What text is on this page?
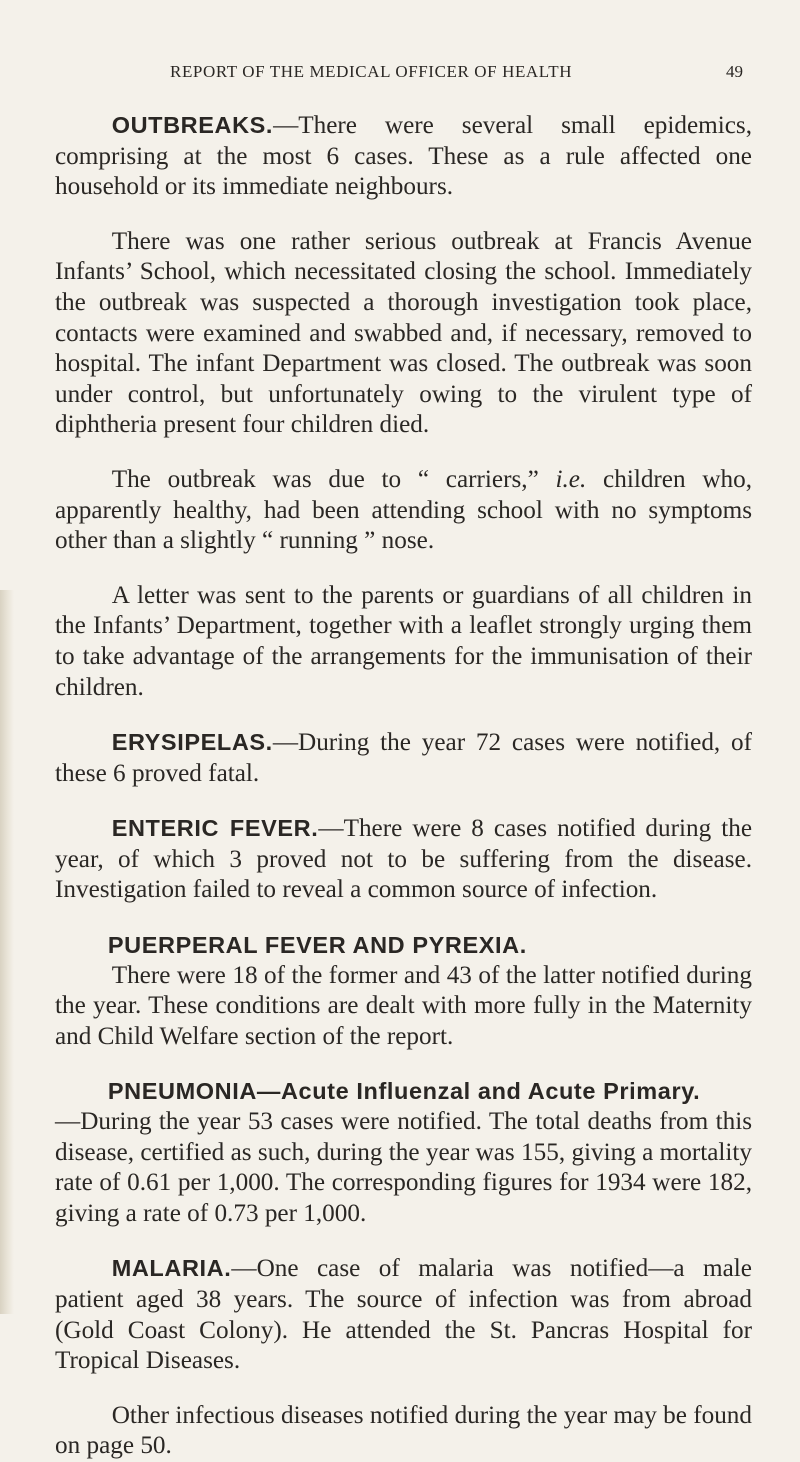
REPORT OF THE MEDICAL OFFICER OF HEALTH	49

OUTBREAKS.—There were several small epidemics, comprising at the most 6 cases. These as a rule affected one household or its immediate neighbours.

There was one rather serious outbreak at Francis Avenue Infants’ School, which necessitated closing the school. Immediately the outbreak was suspected a thorough investigation took place, contacts were examined and swabbed and, if necessary, removed to hospital. The infant Department was closed. The outbreak was soon under control, but unfortunately owing to the virulent type of diphtheria present four children died.

The outbreak was due to “ carriers,” i.e. children who, apparently healthy, had been attending school with no symptoms other than a slightly “ running ” nose.

A letter was sent to the parents or guardians of all children in the Infants’ Department, together with a leaflet strongly urging them to take advantage of the arrangements for the immunisation of their children.

ERYSIPELAS.—During the year 72 cases were notified, of these 6 proved fatal.

ENTERIC FEVER.—There were 8 cases notified during the year, of which 3 proved not to be suffering from the disease. Investigation failed to reveal a common source of infection.

PUERPERAL FEVER AND PYREXIA.

There were 18 of the former and 43 of the latter notified during the year. These conditions are dealt with more fully in the Maternity and Child Welfare section of the report.

PNEUMONIA—Acute Influenzal and Acute Primary.

—During the year 53 cases were notified. The total deaths from this disease, certified as such, during the year was 155, giving a mortality rate of 0.61 per 1,000. The corresponding figures for 1934 were 182, giving a rate of 0.73 per 1,000.

MALARIA.—One case of malaria was notified—a male patient aged 38 years. The source of infection was from abroad (Gold Coast Colony). He attended the St. Pancras Hospital for Tropical Diseases.

Other infectious diseases notified during the year may be found on page 50.
